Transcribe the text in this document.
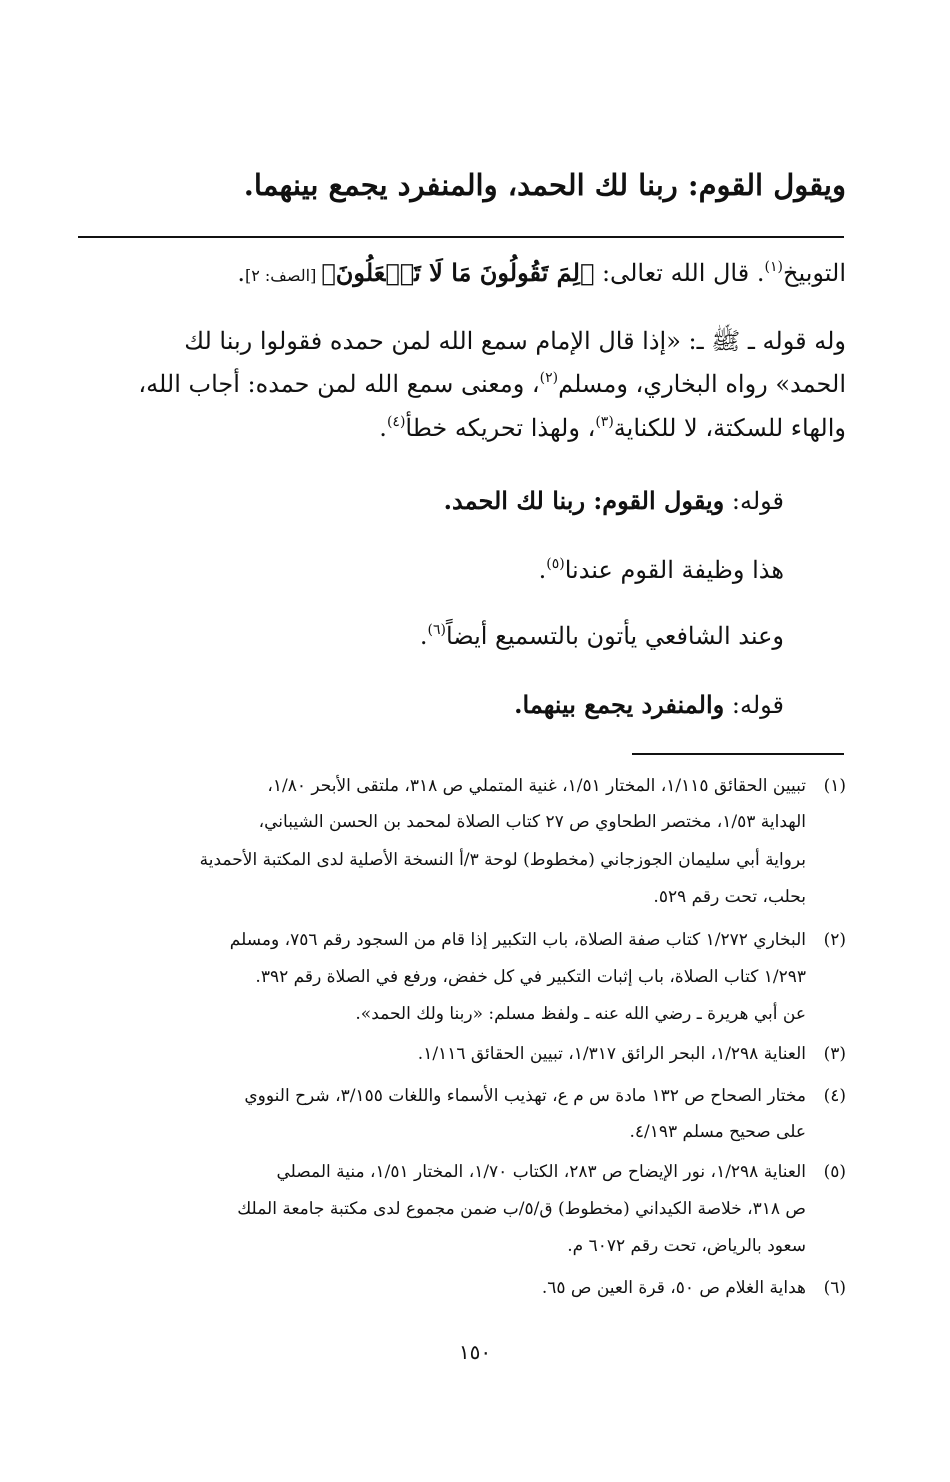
ويقول القوم: ربنا لك الحمد، والمنفرد يجمع بينهما.
التوبيخ$^{(١)}$. قال الله تعالى: ﴿لِمَ تَقُولُونَ مَا لَا تَفۡعَلُونَ﴾ [الصف: ٢].
وله قوله ـ ﷺ ـ: «إذا قال الإمام سمع الله لمن حمده فقولوا ربنا لك
الحمد» رواه البخاري، ومسلم$^{(٢)}$، ومعنى سمع الله لمن حمده: أجاب الله،
والهاء للسكتة، لا للكناية$^{(٣)}$، ولهذا تحريكه خطأ$^{(٤)}$.
قوله: ويقول القوم: ربنا لك الحمد.
هذا وظيفة القوم عندنا$^{(٥)}$.
وعند الشافعي يأتون بالتسميع أيضاً$^{(٦)}$.
قوله: والمنفرد يجمع بينهما.
(١)
تبيين الحقائق ١/١١٥، المختار ١/٥١، غنية المتملي ص ٣١٨، ملتقى الأبحر ١/٨٠،
الهداية ١/٥٣، مختصر الطحاوي ص ٢٧ كتاب الصلاة لمحمد بن الحسن الشيباني،
برواية أبي سليمان الجوزجاني (مخطوط) لوحة ٣/أ النسخة الأصلية لدى المكتبة الأحمدية
بحلب، تحت رقم ٥٢٩.
(٢)
البخاري ١/٢٧٢ كتاب صفة الصلاة، باب التكبير إذا قام من السجود رقم ٧٥٦، ومسلم
١/٢٩٣ كتاب الصلاة، باب إثبات التكبير في كل خفض، ورفع في الصلاة رقم ٣٩٢.
عن أبي هريرة ـ رضي الله عنه ـ ولفظ مسلم: «ربنا ولك الحمد».
(٣)
العناية ١/٢٩٨، البحر الرائق ١/٣١٧، تبيين الحقائق ١/١١٦.
(٤)
مختار الصحاح ص ١٣٢ مادة س م ع، تهذيب الأسماء واللغات ٣/١٥٥، شرح النووي
على صحيح مسلم ٤/١٩٣.
(٥)
العناية ١/٢٩٨، نور الإيضاح ص ٢٨٣، الكتاب ١/٧٠، المختار ١/٥١، منية المصلي
ص ٣١٨، خلاصة الكيداني (مخطوط) ق/٥/ب ضمن مجموع لدى مكتبة جامعة الملك
سعود بالرياض، تحت رقم ٦٠٧٢ م.
(٦)
هداية الغلام ص ٥٠، قرة العين ص ٦٥.
١٥٠
